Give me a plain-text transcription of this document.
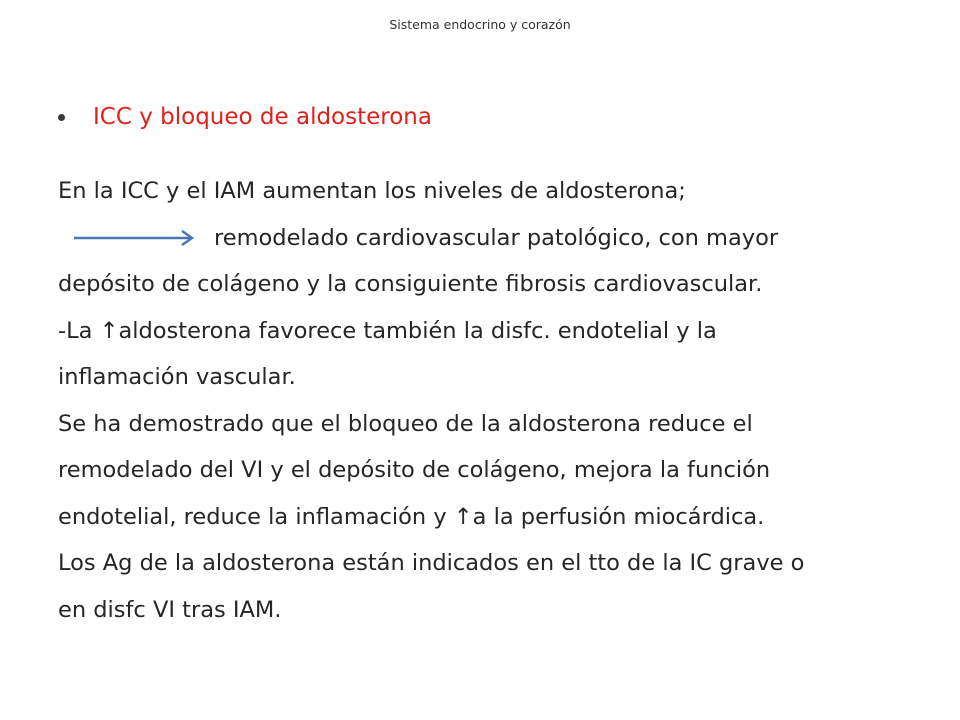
Sistema endocrino y corazón
ICC y bloqueo de aldosterona
En la ICC y el IAM aumentan los niveles de aldosterona;
remodelado cardiovascular patológico, con mayor
depósito de colágeno y la consiguiente fibrosis cardiovascular.
-La ↑aldosterona favorece también la disfc. endotelial y la
inflamación vascular.
Se ha demostrado que el bloqueo de la aldosterona reduce el
remodelado del VI y el depósito de colágeno, mejora la función
endotelial, reduce la inflamación y ↑a la perfusión miocárdica.
Los Ag de la aldosterona están indicados en el tto de la IC grave o
en disfc VI tras IAM.
